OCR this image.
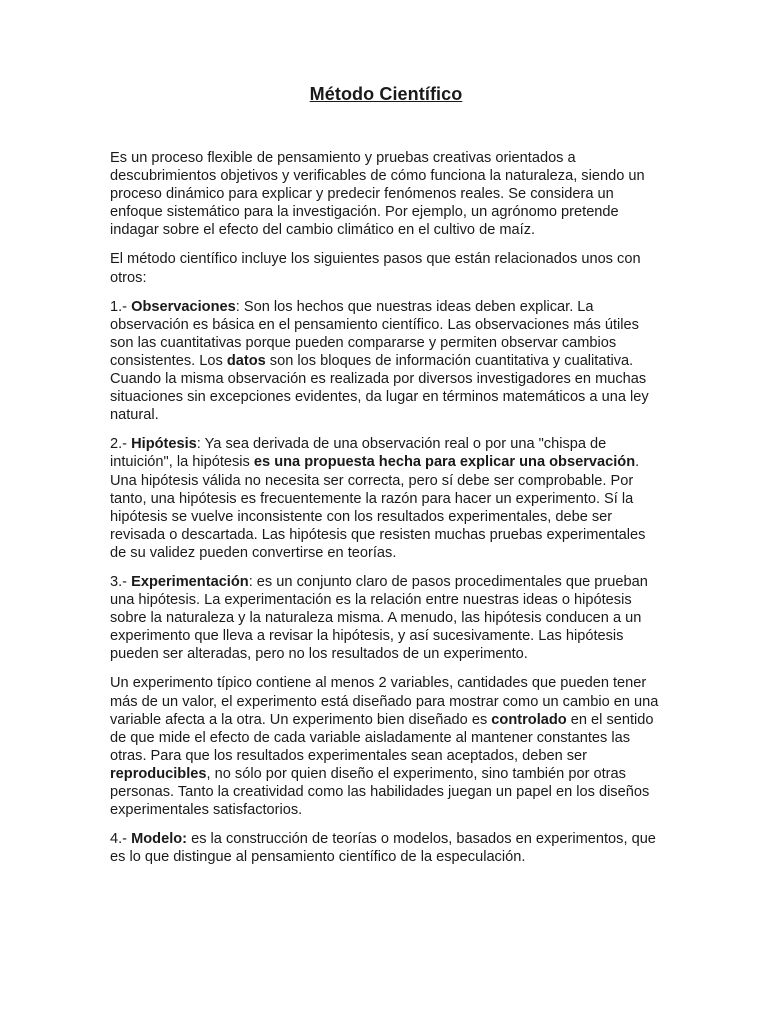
Método Científico

Es un proceso flexible de pensamiento y pruebas creativas orientados a descubrimientos objetivos y verificables de cómo funciona la naturaleza, siendo un proceso dinámico para explicar y predecir fenómenos reales. Se considera un enfoque sistemático para la investigación. Por ejemplo, un agrónomo pretende indagar sobre el efecto del cambio climático en el cultivo de maíz.

El método científico incluye los siguientes pasos que están relacionados unos con otros:

1.- Observaciones: Son los hechos que nuestras ideas deben explicar. La observación es básica en el pensamiento científico. Las observaciones más útiles son las cuantitativas porque pueden compararse y permiten observar cambios consistentes. Los datos son los bloques de información cuantitativa y cualitativa. Cuando la misma observación es realizada por diversos investigadores en muchas situaciones sin excepciones evidentes, da lugar en términos matemáticos a una ley natural.

2.- Hipótesis: Ya sea derivada de una observación real o por una "chispa de intuición", la hipótesis es una propuesta hecha para explicar una observación. Una hipótesis válida no necesita ser correcta, pero sí debe ser comprobable. Por tanto, una hipótesis es frecuentemente la razón para hacer un experimento. Sí la hipótesis se vuelve inconsistente con los resultados experimentales, debe ser revisada o descartada. Las hipótesis que resisten muchas pruebas experimentales de su validez pueden convertirse en teorías.

3.- Experimentación: es un conjunto claro de pasos procedimentales que prueban una hipótesis. La experimentación es la relación entre nuestras ideas o hipótesis sobre la naturaleza y la naturaleza misma. A menudo, las hipótesis conducen a un experimento que lleva a revisar la hipótesis, y así sucesivamente. Las hipótesis pueden ser alteradas, pero no los resultados de un experimento.

Un experimento típico contiene al menos 2 variables, cantidades que pueden tener más de un valor, el experimento está diseñado para mostrar como un cambio en una variable afecta a la otra. Un experimento bien diseñado es controlado en el sentido de que mide el efecto de cada variable aisladamente al mantener constantes las otras. Para que los resultados experimentales sean aceptados, deben ser reproducibles, no sólo por quien diseño el experimento, sino también por otras personas. Tanto la creatividad como las habilidades juegan un papel en los diseños experimentales satisfactorios.

4.- Modelo: es la construcción de teorías o modelos, basados en experimentos, que es lo que distingue al pensamiento científico de la especulación.
